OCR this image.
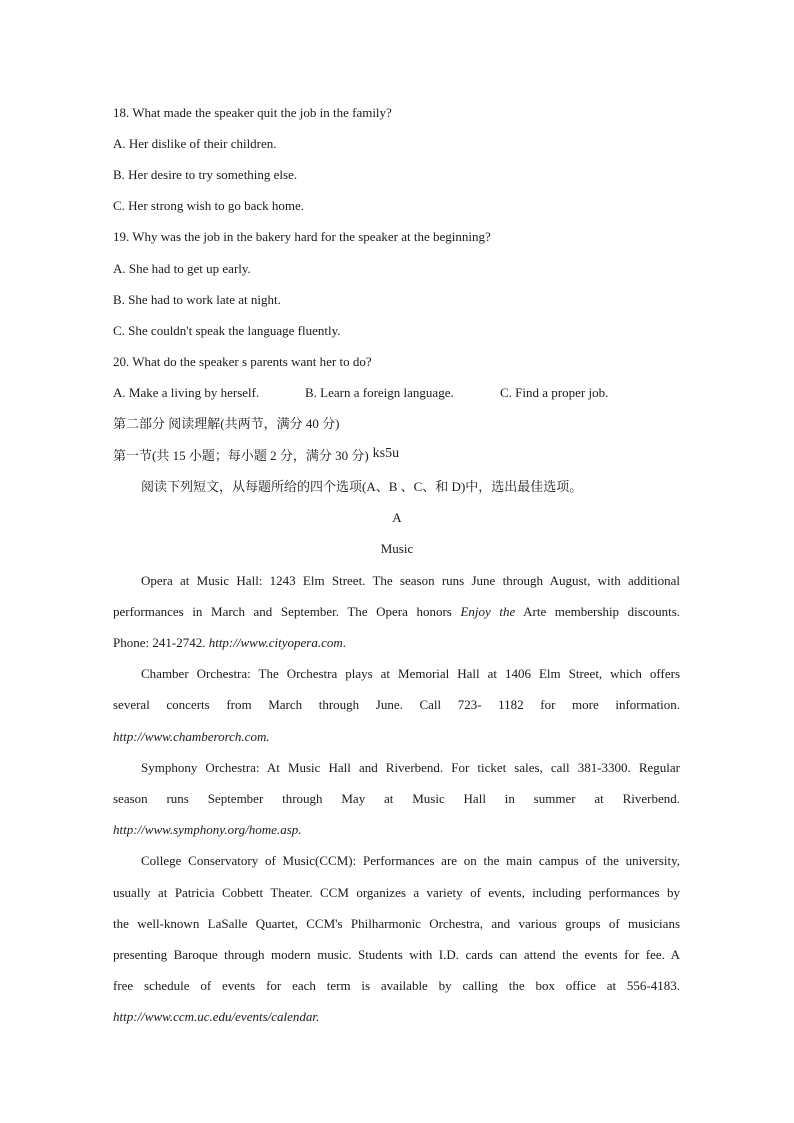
18. What made the speaker quit the job in the family?
A. Her dislike of their children.
B. Her desire to try something else.
C. Her strong wish to go back home.
19. Why was the job in the bakery hard for the speaker at the beginning?
A. She had to get up early.
B. She had to work late at night.
C. She couldn't speak the language fluently.
20. What do the speaker s parents want her to do?
A. Make a living by herself.	B. Learn a foreign language.	C. Find a proper job.
第二部分 阅读理解(共两节，满分 40 分)
第一节(共 15 小题；每小题 2 分，满分 30 分) ks5u
阅读下列短文，从每题所给的四个选项(A、B 、C、和 D)中，选出最佳选项。
A
Music
Opera at Music Hall: 1243 Elm Street. The season runs June through August, with additional
performances in March and September. The Opera honors Enjoy the Arte membership discounts.
Phone: 241-2742. http://www.cityopera.com.
Chamber Orchestra: The Orchestra plays at Memorial Hall at 1406 Elm Street, which offers
several concerts from March through June. Call 723- 1182 for more information.
http://www.chamberorch.com.
Symphony Orchestra: At Music Hall and Riverbend. For ticket sales, call 381-3300. Regular
season runs September through May at Music Hall in summer at Riverbend.
http://www.symphony.org/home.asp.
College Conservatory of Music(CCM): Performances are on the main campus of the university,
usually at Patricia Cobbett Theater. CCM organizes a variety of events, including performances by
the well-known LaSalle Quartet, CCM's Philharmonic Orchestra, and various groups of musicians
presenting Baroque through modern music. Students with I.D. cards can attend the events for fee. A
free schedule of events for each term is available by calling the box office at 556-4183.
http://www.ccm.uc.edu/events/calendar.
